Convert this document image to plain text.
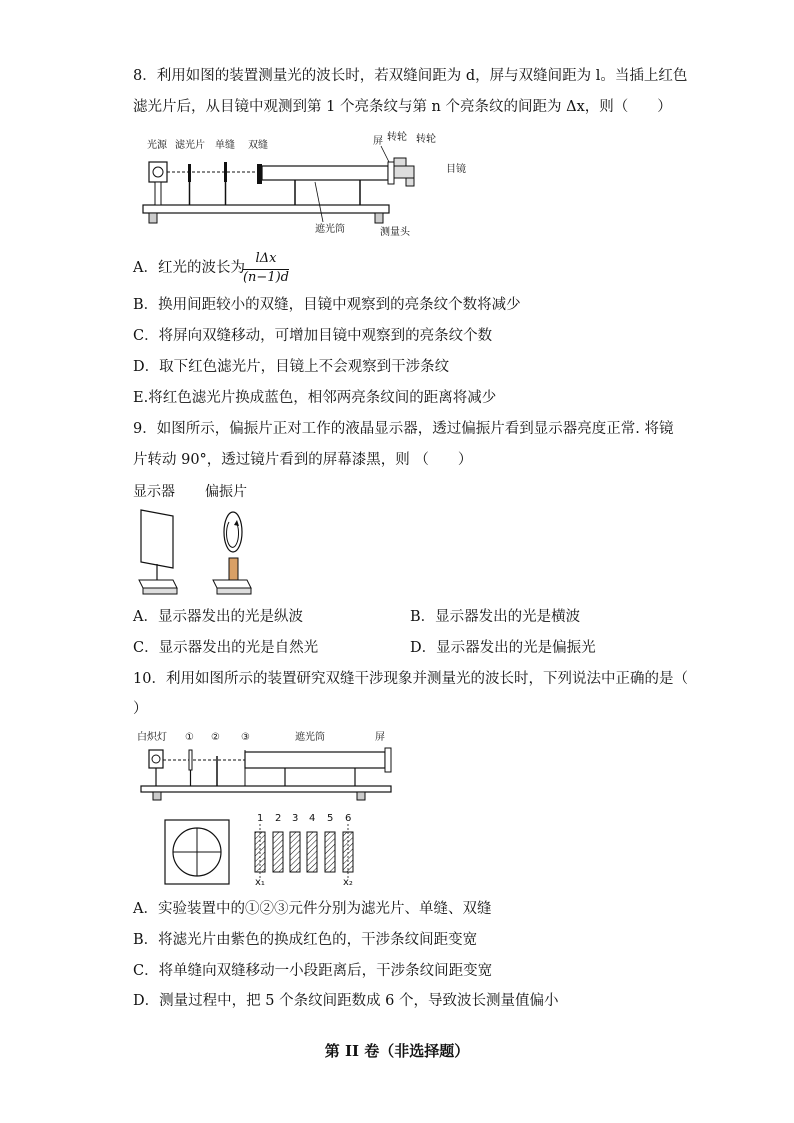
8．利用如图的装置测量光的波长时，若双缝间距为 d，屏与双缝间距为 l。当插上红色
滤光片后，从目镜中观测到第 1 个亮条纹与第 n 个亮条纹的间距为 Δx，则（　　）
光源 滤光片 单缝 双缝	屏 转轮
遮光筒	测量头
转轮
目镜
A．红光的波长为
lΔx
(n−1)d
B．换用间距较小的双缝，目镜中观察到的亮条纹个数将减少
C．将屏向双缝移动，可增加目镜中观察到的亮条纹个数
D．取下红色滤光片，目镜上不会观察到干涉条纹
E.将红色滤光片换成蓝色，相邻两亮条纹间的距离将减少
9．如图所示，偏振片正对工作的液晶显示器，透过偏振片看到显示器亮度正常. 将镜
片转动 90°，透过镜片看到的屏幕漆黑，则 （　　）
显示器 偏振片
A．显示器发出的光是纵波	B．显示器发出的光是横波
C．显示器发出的光是自然光	D．显示器发出的光是偏振光
10．利用如图所示的装置研究双缝干涉现象并测量光的波长时，下列说法中正确的是（
）
白炽灯 ① ② ③	遮光筒	屏
1 2 3 4 5 6
x₁	x₂
A．实验装置中的①②③元件分别为滤光片、单缝、双缝
B．将滤光片由紫色的换成红色的，干涉条纹间距变宽
C．将单缝向双缝移动一小段距离后，干涉条纹间距变宽
D．测量过程中，把 5 个条纹间距数成 6 个，导致波长测量值偏小
第 II 卷（非选择题）
